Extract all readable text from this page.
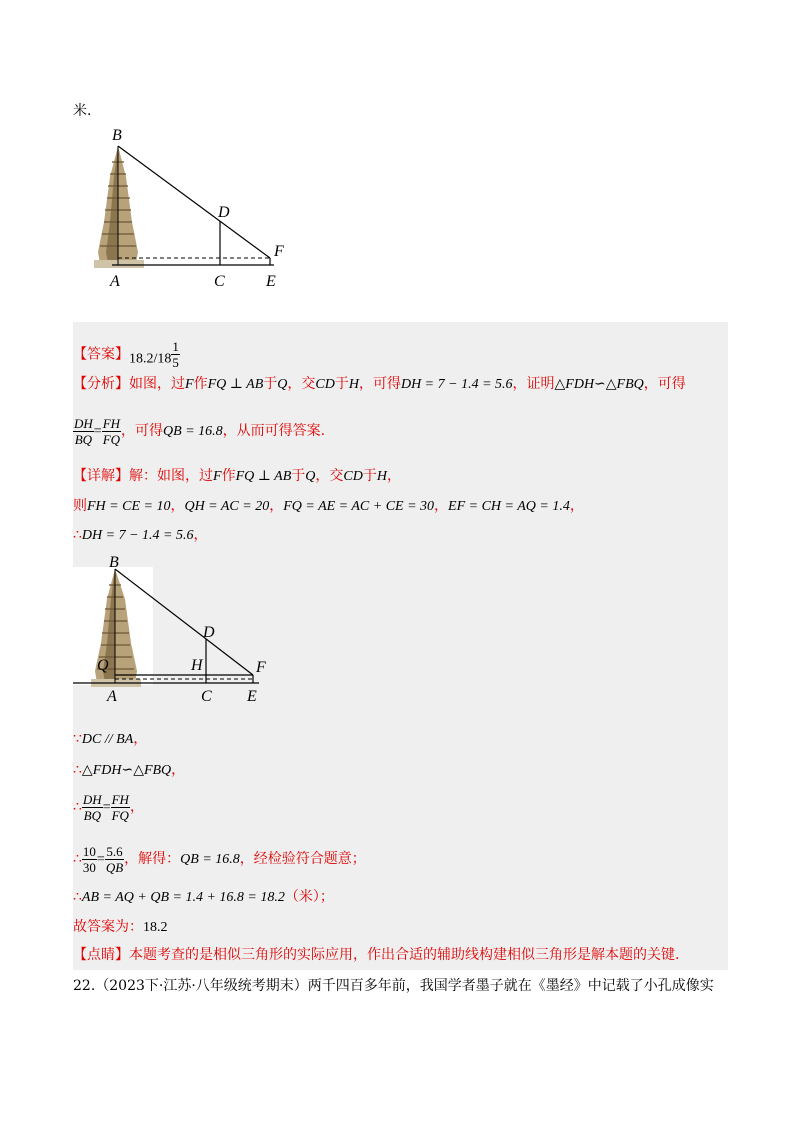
米.
B
D
F
A	C	E
【答案】$18.2/18 \frac{1}{5}$
【分析】如图，过F作FQ ⊥ AB于Q，交CD于H，可得DH = 7 − 1.4 = 5.6，证明△FDH∽△FBQ，可得
$\frac{DH}{BQ} = \frac{FH}{FQ}$ ，可得QB = 16.8，从而可得答案.
【详解】解：如图，过F作FQ ⊥ AB于Q，交CD于H，
则FH = CE = 10，QH = AC = 20，FQ = AE = AC + CE = 30，EF = CH = AQ = 1.4，
∴DH = 7 − 1.4 = 5.6，
B
D
Q	H	F
A	C E
∵DC // BA，
∴△FDH∽△FBQ，
∴ $\frac{DH}{BQ} = \frac{FH}{FQ}$ ，
∴ $\frac{10}{30} = \frac{5.6}{QB}$ ，解得：QB = 16.8，经检验符合题意；
∴AB = AQ + QB = 1.4 + 16.8 = 18.2（米）；
故答案为：18.2
【点睛】本题考查的是相似三角形的实际应用，作出合适的辅助线构建相似三角形是解本题的关键.
22.（2023下·江苏·八年级统考期末）两千四百多年前，我国学者墨子就在《墨经》中记载了小孔成像实
